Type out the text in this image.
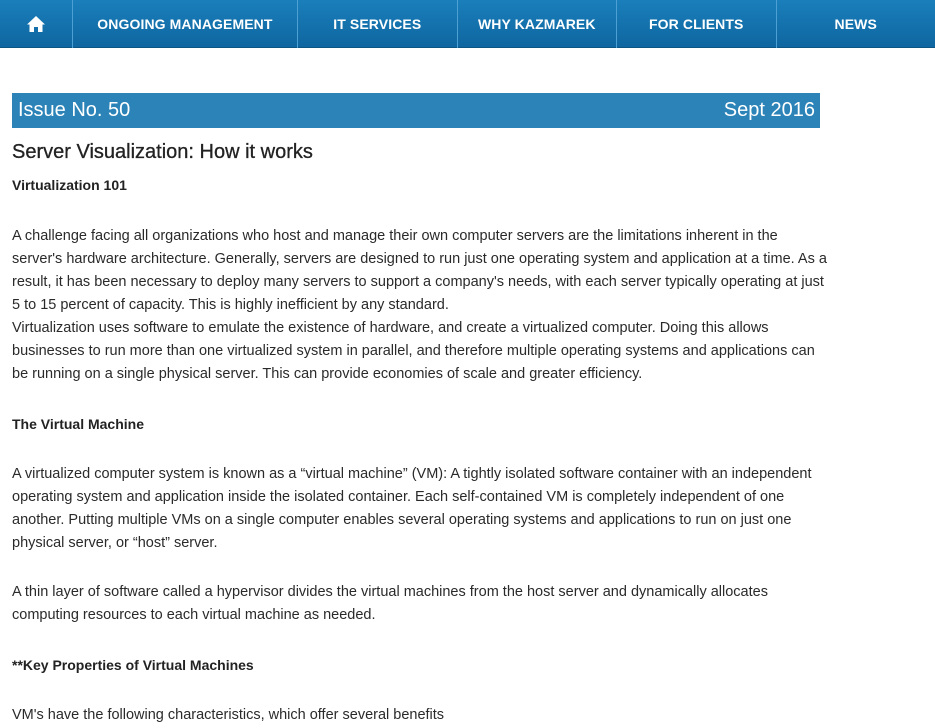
ONGOING MANAGEMENT	IT SERVICES	WHY KAZMAREK	FOR CLIENTS	NEWS
Issue No. 50	Sept 2016
Server Visualization: How it works

Virtualization 101

A challenge facing all organizations who host and manage their own computer servers are the limitations inherent in the server's hardware architecture. Generally, servers are designed to run just one operating system and application at a time. As a result, it has been necessary to deploy many servers to support a company's needs, with each server typically operating at just 5 to 15 percent of capacity. This is highly inefficient by any standard.

Virtualization uses software to emulate the existence of hardware, and create a virtualized computer. Doing this allows businesses to run more than one virtualized system in parallel, and therefore multiple operating systems and applications can be running on a single physical server. This can provide economies of scale and greater efficiency.

The Virtual Machine

A virtualized computer system is known as a “virtual machine” (VM): A tightly isolated software container with an independent operating system and application inside the isolated container. Each self-contained VM is completely independent of one another. Putting multiple VMs on a single computer enables several operating systems and applications to run on just one physical server, or “host” server.

A thin layer of software called a hypervisor divides the virtual machines from the host server and dynamically allocates computing resources to each virtual machine as needed.

**Key Properties of Virtual Machines

VM's have the following characteristics, which offer several benefits
